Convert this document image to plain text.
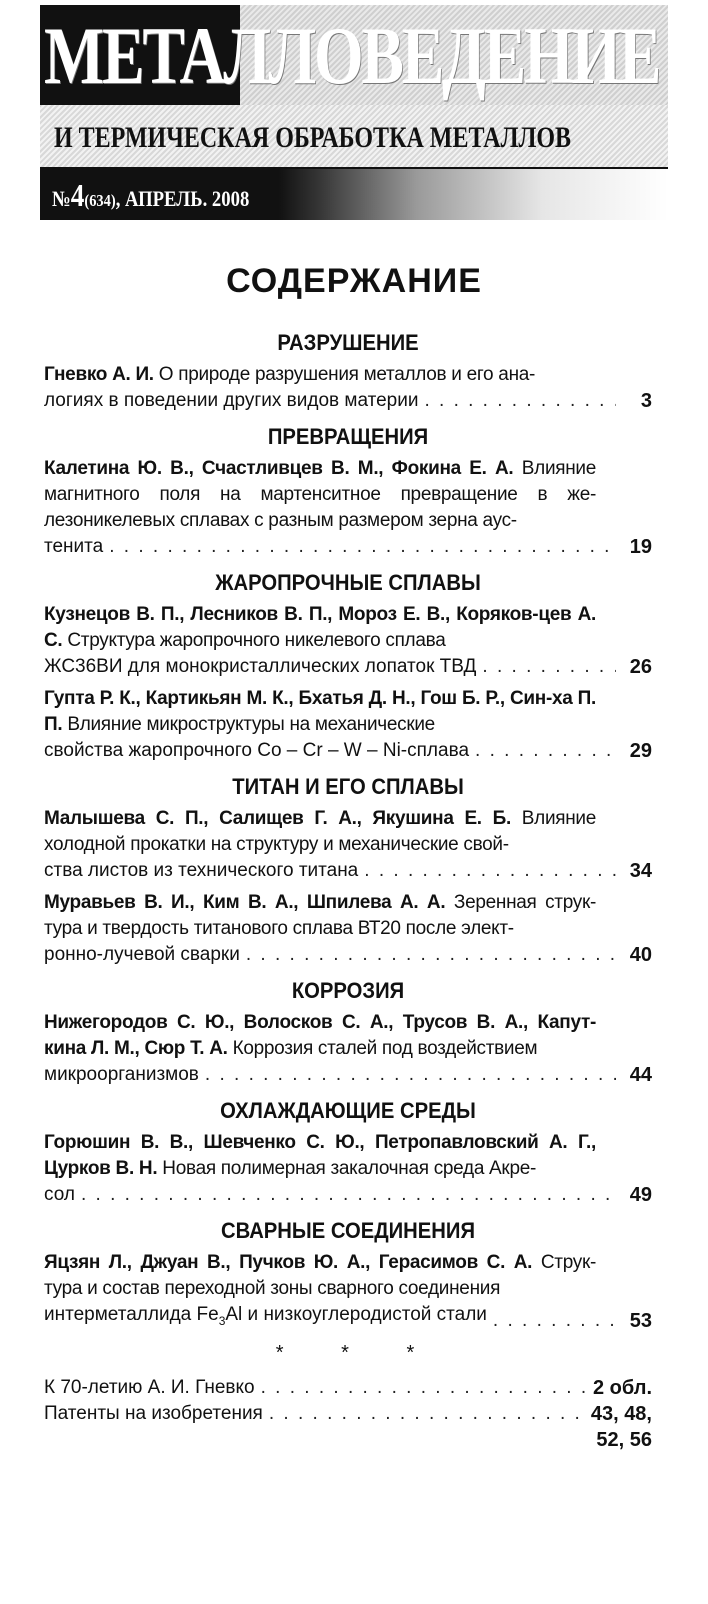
МЕТАЛЛОВЕДЕНИЕ
И ТЕРМИЧЕСКАЯ ОБРАБОТКА МЕТАЛЛОВ
№4(634), АПРЕЛЬ. 2008
СОДЕРЖАНИЕ
РАЗРУШЕНИЕ
Гневко А. И. О природе разрушения металлов и его ана-
логиях в поведении других видов материи . . .	3
ПРЕВРАЩЕНИЯ
Калетина Ю. В., Счастливцев В. М., Фокина Е. А. Влияние магнитного поля на мартенситное превращение в же-лезоникелевых сплавах с разным размером зерна аус-
тенита . . .	19
ЖАРОПРОЧНЫЕ СПЛАВЫ
Кузнецов В. П., Лесников В. П., Мороз Е. В., Коряков-цев А. С. Структура жаропрочного никелевого сплава
ЖС36ВИ для монокристаллических лопаток ТВД . . .	26
Гупта Р. К., Картикьян М. К., Бхатья Д. Н., Гош Б. Р., Син-ха П. П. Влияние микроструктуры на механические
свойства жаропрочного Co – Cr – W – Ni-сплава . . .	29
ТИТАН И ЕГО СПЛАВЫ
Малышева С. П., Салищев Г. А., Якушина Е. Б. Влияние холодной прокатки на структуру и механические свой-
ства листов из технического титана . . .	34
Муравьев В. И., Ким В. А., Шпилева А. А. Зеренная струк-тура и твердость титанового сплава ВТ20 после элект-
ронно-лучевой сварки . . .	40
КОРРОЗИЯ
Нижегородов С. Ю., Волосков С. А., Трусов В. А., Капут-кина Л. М., Сюр Т. А. Коррозия сталей под воздействием
микроорганизмов . . .	44
ОХЛАЖДАЮЩИЕ СРЕДЫ
Горюшин В. В., Шевченко С. Ю., Петропавловский А. Г., Цурков В. Н. Новая полимерная закалочная среда Акре-
сол . . .	49
СВАРНЫЕ СОЕДИНЕНИЯ
Яцзян Л., Джуан В., Пучков Ю. А., Герасимов С. А. Струк-тура и состав переходной зоны сварного соединения
интерметаллида $Fe_3Al$ и низкоуглеродистой стали . . .	53
* * *
К 70-летию А. И. Гневко . . .	2 обл.
Патенты на изобретения . . .	43, 48,
52, 56
